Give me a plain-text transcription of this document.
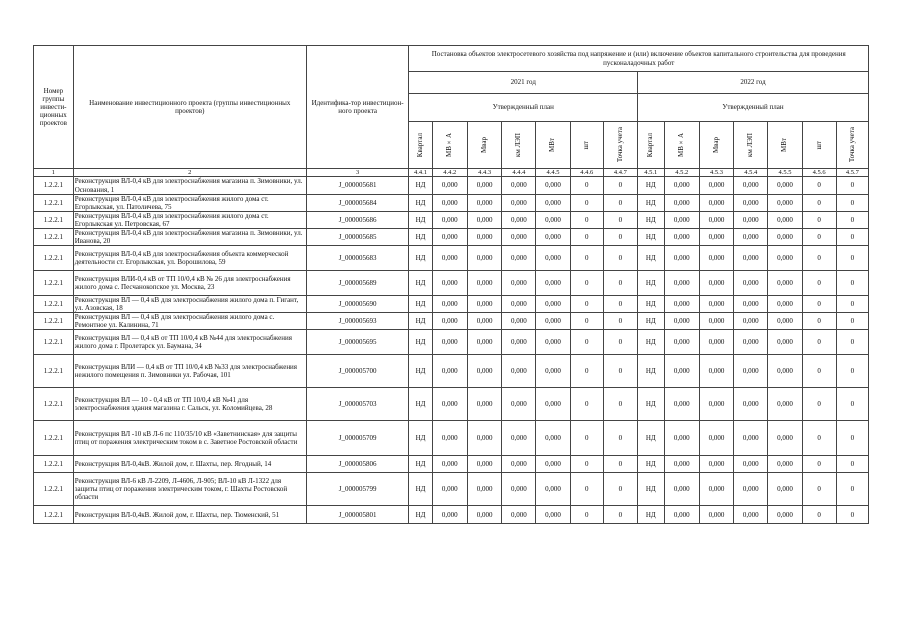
Номер группы инвести-ционных проектов	Наименование инвестиционного проекта (группы инвестиционных проектов)	Идентифика-тор инвестицион-ного проекта	Постановка объектов электросетевого хозяйства под напряжение и (или) включение объектов капитального строительства для проведения пусконаладочных работ													
			2021 год							2022 год						
			Утвержденный план							Утвержденный план						

			Квартал	МВ×А	Мвар	км ЛЭП	МВт	шт	Точка учета	Квартал	МВ×А	Мвар	км ЛЭП	МВт	шт	Точка учета

1	2	3	4.4.1	4.4.2	4.4.3	4.4.4	4.4.5	4.4.6	4.4.7	4.5.1	4.5.2	4.5.3	4.5.4	4.5.5	4.5.6	4.5.7
1.2.2.1	Реконструкция ВЛ-0,4 кВ для электроснабжения магазина п. Зимовники, ул. Основания, 1	J_000005681	НД	0,000	0,000	0,000	0,000	0	0	НД	0,000	0,000	0,000	0,000	0	0
1.2.2.1	Реконструкция ВЛ-0,4 кВ для электроснабжения жилого дома ст. Егорлыкская, ул. Патоличева, 75	J_000005684	НД	0,000	0,000	0,000	0,000	0	0	НД	0,000	0,000	0,000	0,000	0	0
1.2.2.1	Реконструкция ВЛ-0,4 кВ для электроснабжения жилого дома ст. Егорлыкская ул. Петровская, 67	J_000005686	НД	0,000	0,000	0,000	0,000	0	0	НД	0,000	0,000	0,000	0,000	0	0
1.2.2.1	Реконструкция ВЛ-0,4 кВ для электроснабжения магазина п. Зимовники, ул. Иванова, 20	J_000005685	НД	0,000	0,000	0,000	0,000	0	0	НД	0,000	0,000	0,000	0,000	0	0
1.2.2.1	Реконструкция ВЛ-0,4 кВ для электроснабжения объекта коммерческой деятельности ст. Егорлыкская, ул. Ворошилова, 59	J_000005683	НД	0,000	0,000	0,000	0,000	0	0	НД	0,000	0,000	0,000	0,000	0	0
1.2.2.1	Реконструкция ВЛИ-0,4 кВ от ТП 10/0,4 кВ № 26 для электроснабжения жилого дома с. Песчанокопское ул. Москва, 23	J_000005689	НД	0,000	0,000	0,000	0,000	0	0	НД	0,000	0,000	0,000	0,000	0	0
1.2.2.1	Реконструкция ВЛ — 0,4 кВ для электроснабжения жилого дома п. Гигант, ул. Азовская, 18	J_000005690	НД	0,000	0,000	0,000	0,000	0	0	НД	0,000	0,000	0,000	0,000	0	0
1.2.2.1	Реконструкция ВЛ — 0,4 кВ для электроснабжения жилого дома с. Ремонтное ул. Калинина, 71	J_000005693	НД	0,000	0,000	0,000	0,000	0	0	НД	0,000	0,000	0,000	0,000	0	0
1.2.2.1	Реконструкция ВЛ — 0,4 кВ от ТП 10/0,4 кВ №44 для электроснабжения жилого дома г. Пролетарск ул. Баумана, 34	J_000005695	НД	0,000	0,000	0,000	0,000	0	0	НД	0,000	0,000	0,000	0,000	0	0
1.2.2.1	Реконструкция ВЛИ — 0,4 кВ от ТП 10/0,4 кВ №33 для электроснабжения нежилого помещения п. Зимовники ул. Рабочая, 101	J_000005700	НД	0,000	0,000	0,000	0,000	0	0	НД	0,000	0,000	0,000	0,000	0	0
1.2.2.1	Реконструкция ВЛ — 10 - 0,4 кВ от ТП 10/0,4 кВ №41 для электроснабжения здания магазина г. Сальск, ул. Коломийцева, 28	J_000005703	НД	0,000	0,000	0,000	0,000	0	0	НД	0,000	0,000	0,000	0,000	0	0
1.2.2.1	Реконструкция ВЛ -10 кВ Л-6 пс 110/35/10 кВ «Заветнинская» для защиты птиц от поражения электрическим током в с. Заветное Ростовской области	J_000005709	НД	0,000	0,000	0,000	0,000	0	0	НД	0,000	0,000	0,000	0,000	0	0
1.2.2.1	Реконструкция ВЛ-0,4кВ. Жилой дом, г. Шахты, пер. Ягодный, 14	J_000005806	НД	0,000	0,000	0,000	0,000	0	0	НД	0,000	0,000	0,000	0,000	0	0
1.2.2.1	Реконструкция ВЛ-6 кВ Л-2209, Л-4606, Л-905; ВЛ-10 кВ Л-1322 для защиты птиц от поражения электрическим током, г. Шахты Ростовской области	J_000005799	НД	0,000	0,000	0,000	0,000	0	0	НД	0,000	0,000	0,000	0,000	0	0
1.2.2.1	Реконструкция ВЛ-0,4кВ. Жилой дом, г. Шахты, пер. Тюменский, 51	J_000005801	НД	0,000	0,000	0,000	0,000	0	0	НД	0,000	0,000	0,000	0,000	0	0
